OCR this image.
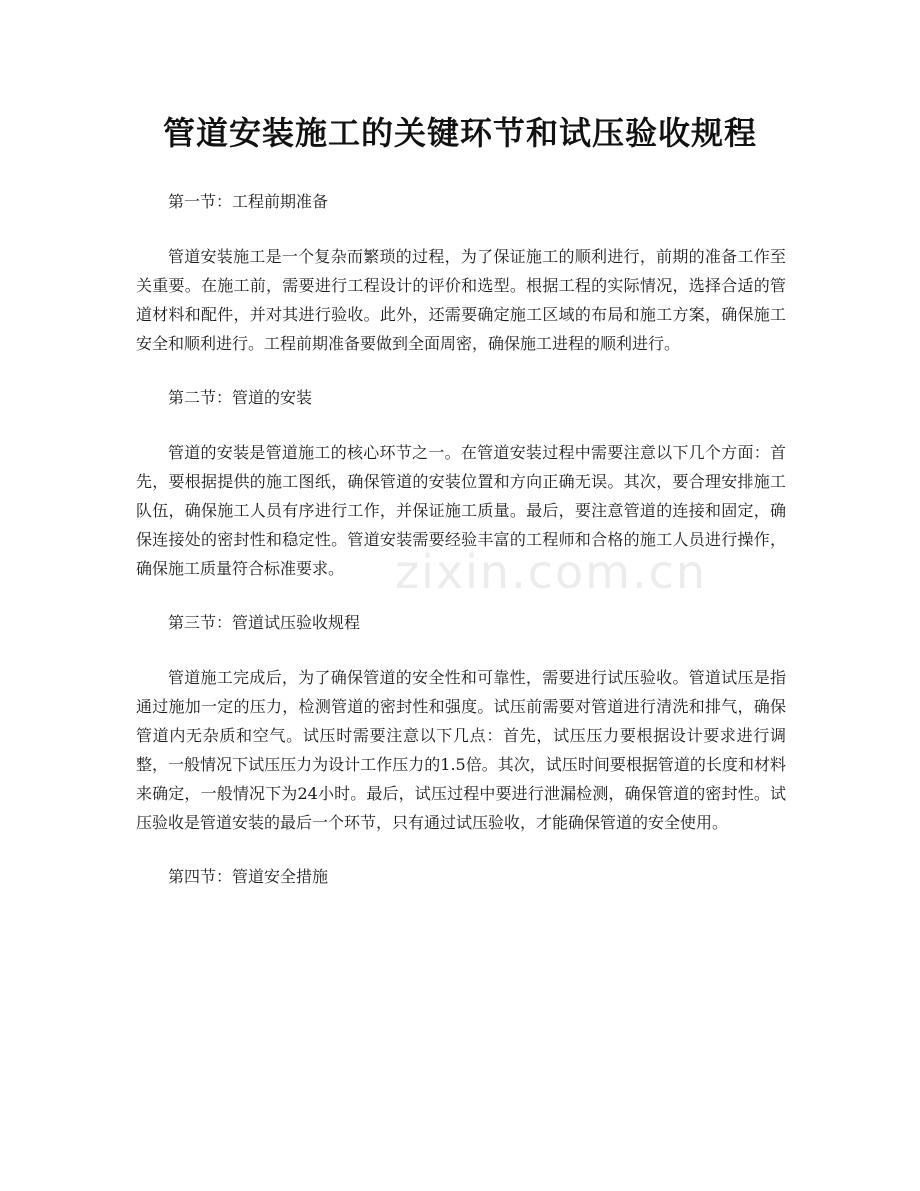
管道安装施工的关键环节和试压验收规程
第一节：工程前期准备
管道安装施工是一个复杂而繁琐的过程，为了保证施工的顺利进行，前期的准备工作至关重要。在施工前，需要进行工程设计的评价和选型。根据工程的实际情况，选择合适的管道材料和配件，并对其进行验收。此外，还需要确定施工区域的布局和施工方案，确保施工安全和顺利进行。工程前期准备要做到全面周密，确保施工进程的顺利进行。
第二节：管道的安装
管道的安装是管道施工的核心环节之一。在管道安装过程中需要注意以下几个方面：首先，要根据提供的施工图纸，确保管道的安装位置和方向正确无误。其次，要合理安排施工队伍，确保施工人员有序进行工作，并保证施工质量。最后，要注意管道的连接和固定，确保连接处的密封性和稳定性。管道安装需要经验丰富的工程师和合格的施工人员进行操作，确保施工质量符合标准要求。
第三节：管道试压验收规程
管道施工完成后，为了确保管道的安全性和可靠性，需要进行试压验收。管道试压是指通过施加一定的压力，检测管道的密封性和强度。试压前需要对管道进行清洗和排气，确保管道内无杂质和空气。试压时需要注意以下几点：首先，试压压力要根据设计要求进行调整，一般情况下试压压力为设计工作压力的1.5倍。其次，试压时间要根据管道的长度和材料来确定，一般情况下为24小时。最后，试压过程中要进行泄漏检测，确保管道的密封性。试压验收是管道安装的最后一个环节，只有通过试压验收，才能确保管道的安全使用。
第四节：管道安全措施
zixin.com.cn
